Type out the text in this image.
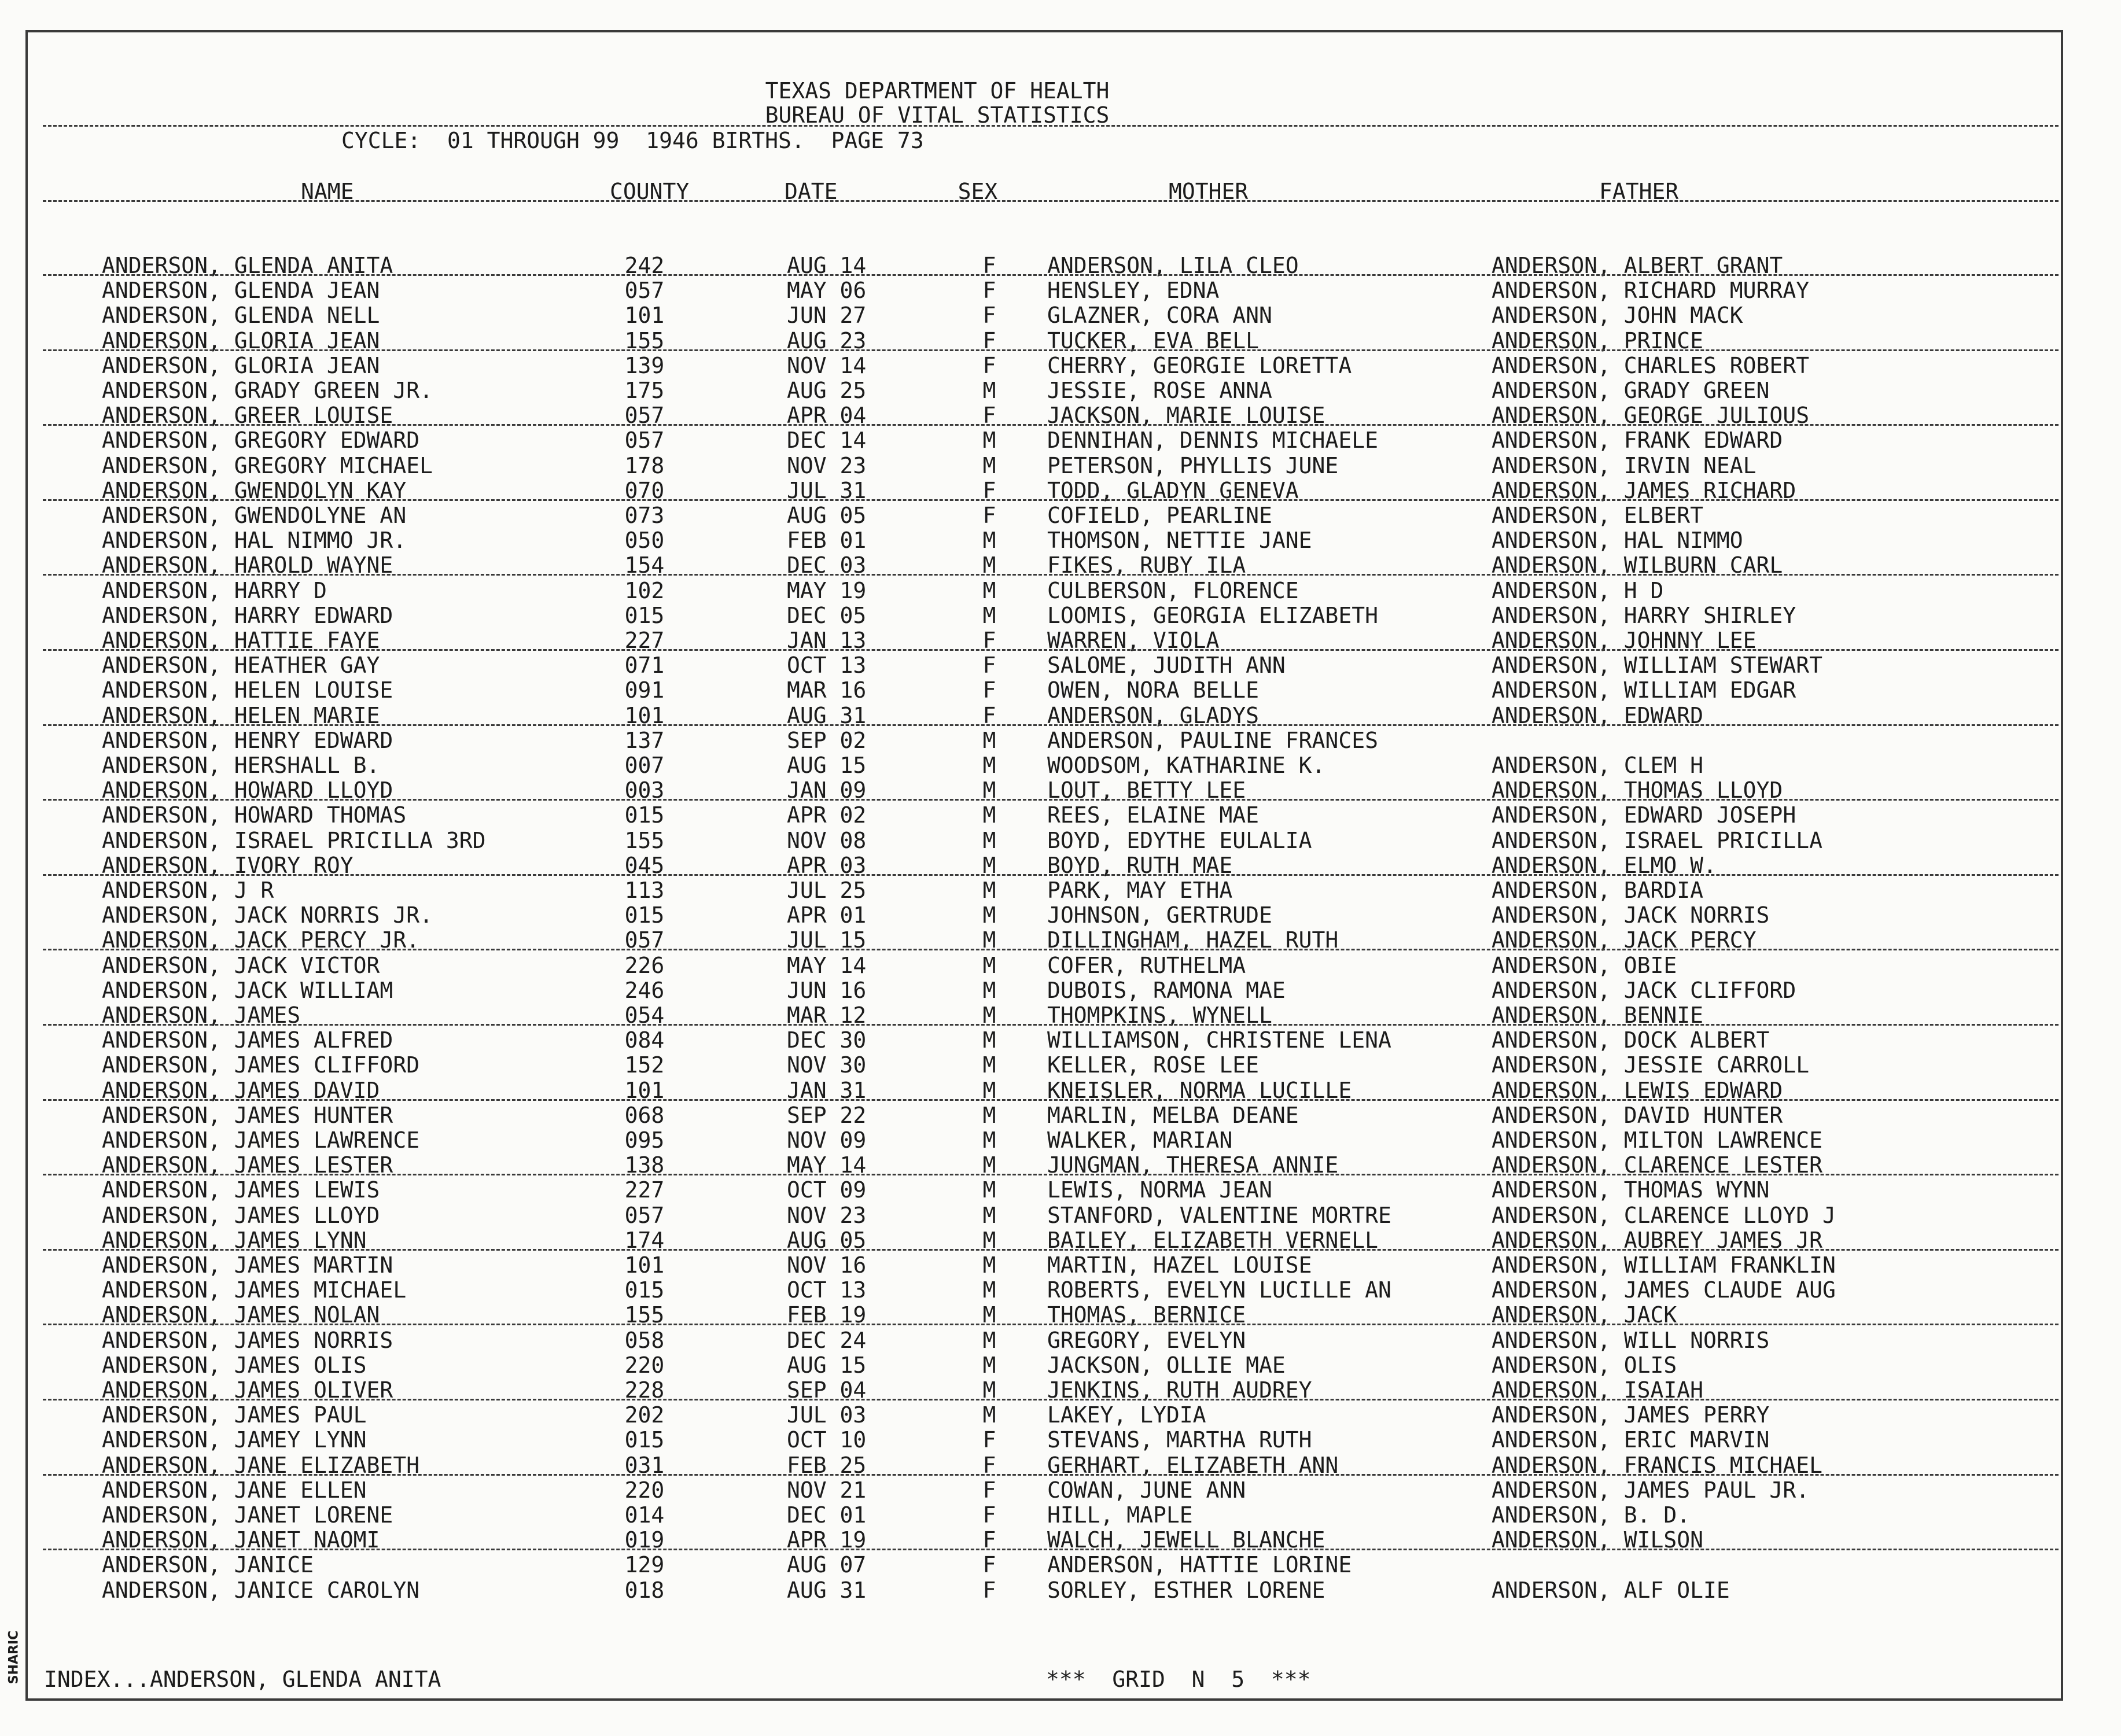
TEXAS DEPARTMENT OF HEALTH
BUREAU OF VITAL STATISTICS
CYCLE:  01 THROUGH 99  1946 BIRTHS.  PAGE 73
NAME	COUNTY	DATE	SEX	MOTHER	FATHER
ANDERSON, GLENDA ANITA	242	AUG 14	F	ANDERSON, LILA CLEO	ANDERSON, ALBERT GRANT
ANDERSON, GLENDA JEAN	057	MAY 06	F	HENSLEY, EDNA	ANDERSON, RICHARD MURRAY
ANDERSON, GLENDA NELL	101	JUN 27	F	GLAZNER, CORA ANN	ANDERSON, JOHN MACK
ANDERSON, GLORIA JEAN	155	AUG 23	F	TUCKER, EVA BELL	ANDERSON, PRINCE
ANDERSON, GLORIA JEAN	139	NOV 14	F	CHERRY, GEORGIE LORETTA	ANDERSON, CHARLES ROBERT
ANDERSON, GRADY GREEN JR.	175	AUG 25	M	JESSIE, ROSE ANNA	ANDERSON, GRADY GREEN
ANDERSON, GREER LOUISE	057	APR 04	F	JACKSON, MARIE LOUISE	ANDERSON, GEORGE JULIOUS
ANDERSON, GREGORY EDWARD	057	DEC 14	M	DENNIHAN, DENNIS MICHAELE	ANDERSON, FRANK EDWARD
ANDERSON, GREGORY MICHAEL	178	NOV 23	M	PETERSON, PHYLLIS JUNE	ANDERSON, IRVIN NEAL
ANDERSON, GWENDOLYN KAY	070	JUL 31	F	TODD, GLADYN GENEVA	ANDERSON, JAMES RICHARD
ANDERSON, GWENDOLYNE AN	073	AUG 05	F	COFIELD, PEARLINE	ANDERSON, ELBERT
ANDERSON, HAL NIMMO JR.	050	FEB 01	M	THOMSON, NETTIE JANE	ANDERSON, HAL NIMMO
ANDERSON, HAROLD WAYNE	154	DEC 03	M	FIKES, RUBY ILA	ANDERSON, WILBURN CARL
ANDERSON, HARRY D	102	MAY 19	M	CULBERSON, FLORENCE	ANDERSON, H D
ANDERSON, HARRY EDWARD	015	DEC 05	M	LOOMIS, GEORGIA ELIZABETH	ANDERSON, HARRY SHIRLEY
ANDERSON, HATTIE FAYE	227	JAN 13	F	WARREN, VIOLA	ANDERSON, JOHNNY LEE
ANDERSON, HEATHER GAY	071	OCT 13	F	SALOME, JUDITH ANN	ANDERSON, WILLIAM STEWART
ANDERSON, HELEN LOUISE	091	MAR 16	F	OWEN, NORA BELLE	ANDERSON, WILLIAM EDGAR
ANDERSON, HELEN MARIE	101	AUG 31	F	ANDERSON, GLADYS	ANDERSON, EDWARD
ANDERSON, HENRY EDWARD	137	SEP 02	M	ANDERSON, PAULINE FRANCES
ANDERSON, HERSHALL B.	007	AUG 15	M	WOODSOM, KATHARINE K.	ANDERSON, CLEM H
ANDERSON, HOWARD LLOYD	003	JAN 09	M	LOUT, BETTY LEE	ANDERSON, THOMAS LLOYD
ANDERSON, HOWARD THOMAS	015	APR 02	M	REES, ELAINE MAE	ANDERSON, EDWARD JOSEPH
ANDERSON, ISRAEL PRICILLA 3RD	155	NOV 08	M	BOYD, EDYTHE EULALIA	ANDERSON, ISRAEL PRICILLA
ANDERSON, IVORY ROY	045	APR 03	M	BOYD, RUTH MAE	ANDERSON, ELMO W.
ANDERSON, J R	113	JUL 25	M	PARK, MAY ETHA	ANDERSON, BARDIA
ANDERSON, JACK NORRIS JR.	015	APR 01	M	JOHNSON, GERTRUDE	ANDERSON, JACK NORRIS
ANDERSON, JACK PERCY JR.	057	JUL 15	M	DILLINGHAM, HAZEL RUTH	ANDERSON, JACK PERCY
ANDERSON, JACK VICTOR	226	MAY 14	M	COFER, RUTHELMA	ANDERSON, OBIE
ANDERSON, JACK WILLIAM	246	JUN 16	M	DUBOIS, RAMONA MAE	ANDERSON, JACK CLIFFORD
ANDERSON, JAMES	054	MAR 12	M	THOMPKINS, WYNELL	ANDERSON, BENNIE
ANDERSON, JAMES ALFRED	084	DEC 30	M	WILLIAMSON, CHRISTENE LENA	ANDERSON, DOCK ALBERT
ANDERSON, JAMES CLIFFORD	152	NOV 30	M	KELLER, ROSE LEE	ANDERSON, JESSIE CARROLL
ANDERSON, JAMES DAVID	101	JAN 31	M	KNEISLER, NORMA LUCILLE	ANDERSON, LEWIS EDWARD
ANDERSON, JAMES HUNTER	068	SEP 22	M	MARLIN, MELBA DEANE	ANDERSON, DAVID HUNTER
ANDERSON, JAMES LAWRENCE	095	NOV 09	M	WALKER, MARIAN	ANDERSON, MILTON LAWRENCE
ANDERSON, JAMES LESTER	138	MAY 14	M	JUNGMAN, THERESA ANNIE	ANDERSON, CLARENCE LESTER
ANDERSON, JAMES LEWIS	227	OCT 09	M	LEWIS, NORMA JEAN	ANDERSON, THOMAS WYNN
ANDERSON, JAMES LLOYD	057	NOV 23	M	STANFORD, VALENTINE MORTRE	ANDERSON, CLARENCE LLOYD J
ANDERSON, JAMES LYNN	174	AUG 05	M	BAILEY, ELIZABETH VERNELL	ANDERSON, AUBREY JAMES JR
ANDERSON, JAMES MARTIN	101	NOV 16	M	MARTIN, HAZEL LOUISE	ANDERSON, WILLIAM FRANKLIN
ANDERSON, JAMES MICHAEL	015	OCT 13	M	ROBERTS, EVELYN LUCILLE AN	ANDERSON, JAMES CLAUDE AUG
ANDERSON, JAMES NOLAN	155	FEB 19	M	THOMAS, BERNICE	ANDERSON, JACK
ANDERSON, JAMES NORRIS	058	DEC 24	M	GREGORY, EVELYN	ANDERSON, WILL NORRIS
ANDERSON, JAMES OLIS	220	AUG 15	M	JACKSON, OLLIE MAE	ANDERSON, OLIS
ANDERSON, JAMES OLIVER	228	SEP 04	M	JENKINS, RUTH AUDREY	ANDERSON, ISAIAH
ANDERSON, JAMES PAUL	202	JUL 03	M	LAKEY, LYDIA	ANDERSON, JAMES PERRY
ANDERSON, JAMEY LYNN	015	OCT 10	F	STEVANS, MARTHA RUTH	ANDERSON, ERIC MARVIN
ANDERSON, JANE ELIZABETH	031	FEB 25	F	GERHART, ELIZABETH ANN	ANDERSON, FRANCIS MICHAEL
ANDERSON, JANE ELLEN	220	NOV 21	F	COWAN, JUNE ANN	ANDERSON, JAMES PAUL JR.
ANDERSON, JANET LORENE	014	DEC 01	F	HILL, MAPLE	ANDERSON, B. D.
ANDERSON, JANET NAOMI	019	APR 19	F	WALCH, JEWELL BLANCHE	ANDERSON, WILSON
ANDERSON, JANICE	129	AUG 07	F	ANDERSON, HATTIE LORINE
ANDERSON, JANICE CAROLYN	018	AUG 31	F	SORLEY, ESTHER LORENE	ANDERSON, ALF OLIE
INDEX...ANDERSON, GLENDA ANITA	***  GRID  N  5  ***
SHARIC
